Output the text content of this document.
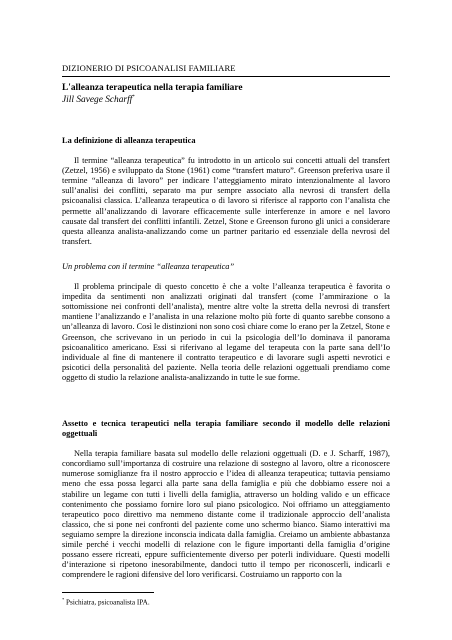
DIZIONERIO DI PSICOANALISI FAMILIARE
L'alleanza terapeutica nella terapia familiare
Jill Savege Scharff*
La definizione di alleanza terapeutica

Il termine “alleanza terapeutica” fu introdotto in un articolo sui concetti attuali del transfert (Zetzel, 1956) e sviluppato da Stone (1961) come “transfert maturo”. Greenson preferiva usare il termine “alleanza di lavoro” per indicare l’atteggiamento mirato intenzionalmente al lavoro sull’analisi dei conflitti, separato ma pur sempre associato alla nevrosi di transfert della psicoanalisi classica. L’alleanza terapeutica o di lavoro si riferisce al rapporto con l’analista che permette all’analizzando di lavorare efficacemente sulle interferenze in amore e nel lavoro causate dal transfert dei conflitti infantili. Zetzel, Stone e Greenson furono gli unici a considerare questa alleanza analista-analizzando come un partner paritario ed essenziale della nevrosi del transfert.

Un problema con il termine “alleanza terapeutica”

Il problema principale di questo concetto è che a volte l’alleanza terapeutica è favorita o impedita da sentimenti non analizzati originati dal transfert (come l’ammirazione o la sottomissione nei confronti dell’analista), mentre altre volte la stretta della nevrosi di transfert mantiene l’analizzando e l’analista in una relazione molto più forte di quanto sarebbe consono a un’alleanza di lavoro. Così le distinzioni non sono così chiare come lo erano per la Zetzel, Stone e Greenson, che scrivevano in un periodo in cui la psicologia dell’Io dominava il panorama psicoanalitico americano. Essi si riferivano al legame del terapeuta con la parte sana dell’Io individuale al fine di mantenere il contratto terapeutico e di lavorare sugli aspetti nevrotici e psicotici della personalità del paziente. Nella teoria delle relazioni oggettuali prendiamo come oggetto di studio la relazione analista-analizzando in tutte le sue forme.

Assetto e tecnica terapeutici nella terapia familiare secondo il modello delle relazioni oggettuali

Nella terapia familiare basata sul modello delle relazioni oggettuali (D. e J. Scharff, 1987), concordiamo sull’importanza di costruire una relazione di sostegno al lavoro, oltre a riconoscere numerose somiglianze fra il nostro approccio e l’idea di alleanza terapeutica; tuttavia pensiamo meno che essa possa legarci alla parte sana della famiglia e più che dobbiamo essere noi a stabilire un legame con tutti i livelli della famiglia, attraverso un holding valido e un efficace contenimento che possiamo fornire loro sul piano psicologico. Noi offriamo un atteggiamento terapeutico poco direttivo ma nemmeno distante come il tradizionale approccio dell’analista classico, che si pone nei confronti del paziente come uno schermo bianco. Siamo interattivi ma seguiamo sempre la direzione inconscia indicata dalla famiglia. Creiamo un ambiente abbastanza simile perché i vecchi modelli di relazione con le figure importanti della famiglia d’origine possano essere ricreati, eppure sufficientemente diverso per poterli individuare. Questi modelli d’interazione si ripetono inesorabilmente, dandoci tutto il tempo per riconoscerli, indicarli e comprendere le ragioni difensive del loro verificarsi. Costruiamo un rapporto con la

* Psichiatra, psicoanalista IPA.
